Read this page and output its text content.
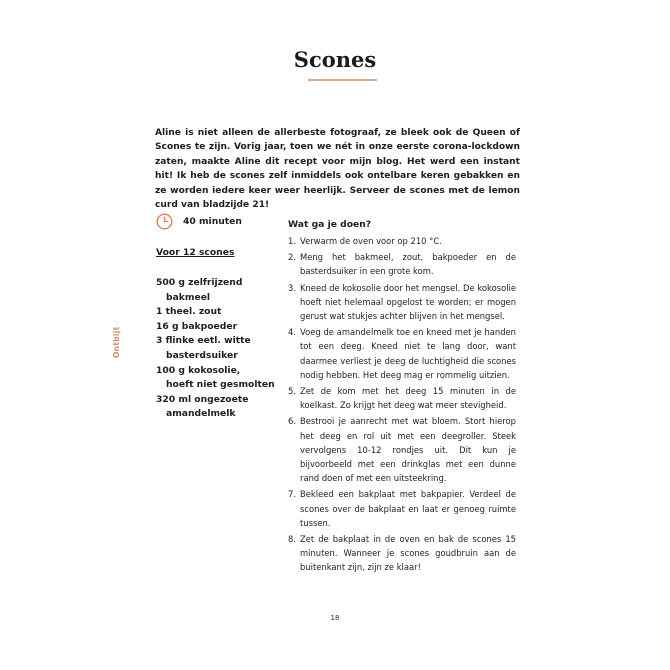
Scones

Aline is niet alleen de allerbeste fotograaf, ze bleek ook de Queen of Scones te zijn. Vorig jaar, toen we nét in onze eerste corona-lockdown zaten, maakte Aline dit recept voor mijn blog. Het werd een instant hit! Ik heb de scones zelf inmiddels ook ontelbare keren gebakken en ze worden iedere keer weer heerlijk. Serveer de scones met de lemon curd van bladzijde 21!

40 minuten
Voor 12 scones
500 g zelfrijzend
bakmeel
1 theel. zout
16 g bakpoeder
3 flinke eetl. witte
basterdsuiker
100 g kokosolie,
hoeft niet gesmolten
320 ml ongezoete
amandelmelk
Ontbijt
Wat ga je doen?
1. Verwarm de oven voor op 210 °C.
2. Meng het bakmeel, zout, bakpoeder en de basterdsuiker in een grote kom.
3. Kneed de kokosolie door het mengsel. De kokosolie hoeft niet helemaal opgelost te worden; er mogen gerust wat stukjes achter blijven in het mengsel.
4. Voeg de amandelmelk toe en kneed met je handen tot een deeg. Kneed niet te lang door, want daarmee verliest je deeg de luchtigheid die scones nodig hebben. Het deeg mag er rommelig uitzien.
5. Zet de kom met het deeg 15 minuten in de koelkast. Zo krijgt het deeg wat meer stevigheid.
6. Bestrooi je aanrecht met wat bloem. Stort hierop het deeg en rol uit met een deegroller. Steek vervolgens 10-12 rondjes uit. Dit kun je bijvoorbeeld met een drinkglas met een dunne rand doen of met een uitsteekring.
7. Bekleed een bakplaat met bakpapier. Verdeel de scones over de bakplaat en laat er genoeg ruimte tussen.
8. Zet de bakplaat in de oven en bak de scones 15 minuten. Wanneer je scones goudbruin aan de buitenkant zijn, zijn ze klaar!
18
